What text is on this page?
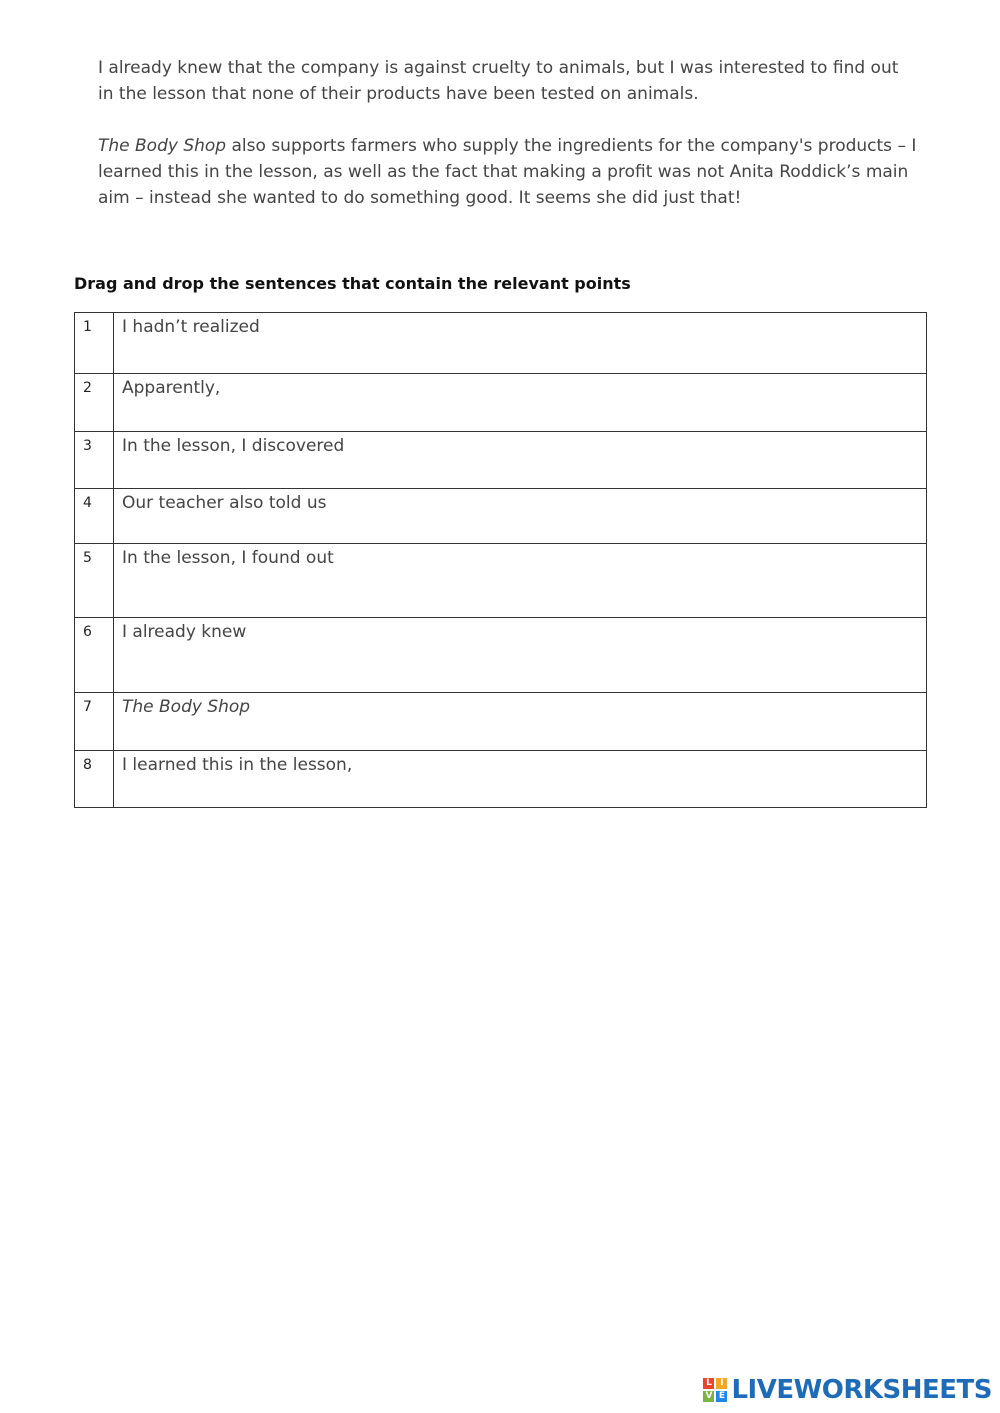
I already knew that the company is against cruelty to animals, but I was interested to find out in the lesson that none of their products have been tested on animals.

The Body Shop also supports farmers who supply the ingredients for the company's products – I learned this in the lesson, as well as the fact that making a profit was not Anita Roddick’s main aim – instead she wanted to do something good. It seems she did just that!

Drag and drop the sentences that contain the relevant points
1	I hadn’t realized
2	Apparently,
3	In the lesson, I discovered
4	Our teacher also told us
5	In the lesson, I found out
6	I already knew
7	The Body Shop
8	I learned this in the lesson,
L I
V E LIVEWORKSHEETS
